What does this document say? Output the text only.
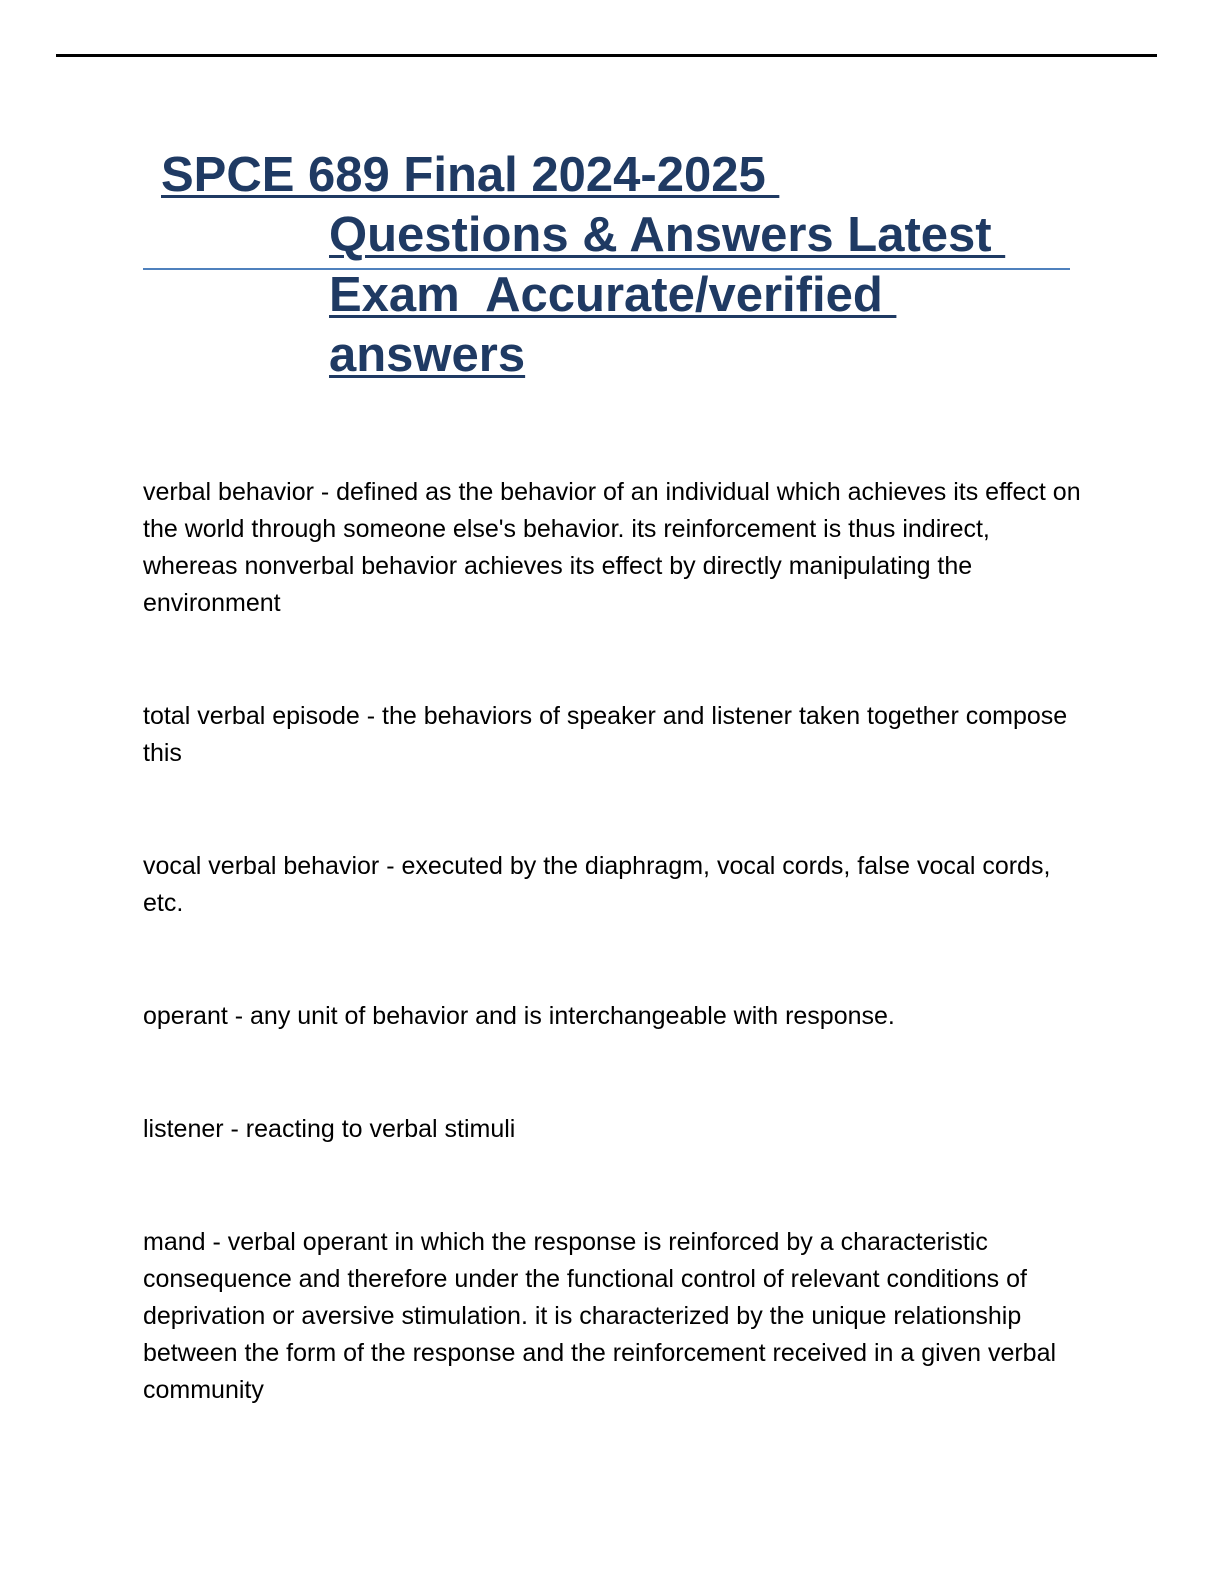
SPCE 689 Final 2024-2025
Questions & Answers Latest
Exam  Accurate/verified
answers

verbal behavior - defined as the behavior of an individual which achieves its effect on the world through someone else's behavior. its reinforcement is thus indirect, whereas nonverbal behavior achieves its effect by directly manipulating the environment

total verbal episode - the behaviors of speaker and listener taken together compose this

vocal verbal behavior - executed by the diaphragm, vocal cords, false vocal cords, etc.

operant - any unit of behavior and is interchangeable with response.

listener - reacting to verbal stimuli

mand - verbal operant in which the response is reinforced by a characteristic consequence and therefore under the functional control of relevant conditions of deprivation or aversive stimulation. it is characterized by the unique relationship between the form of the response and the reinforcement received in a given verbal community
